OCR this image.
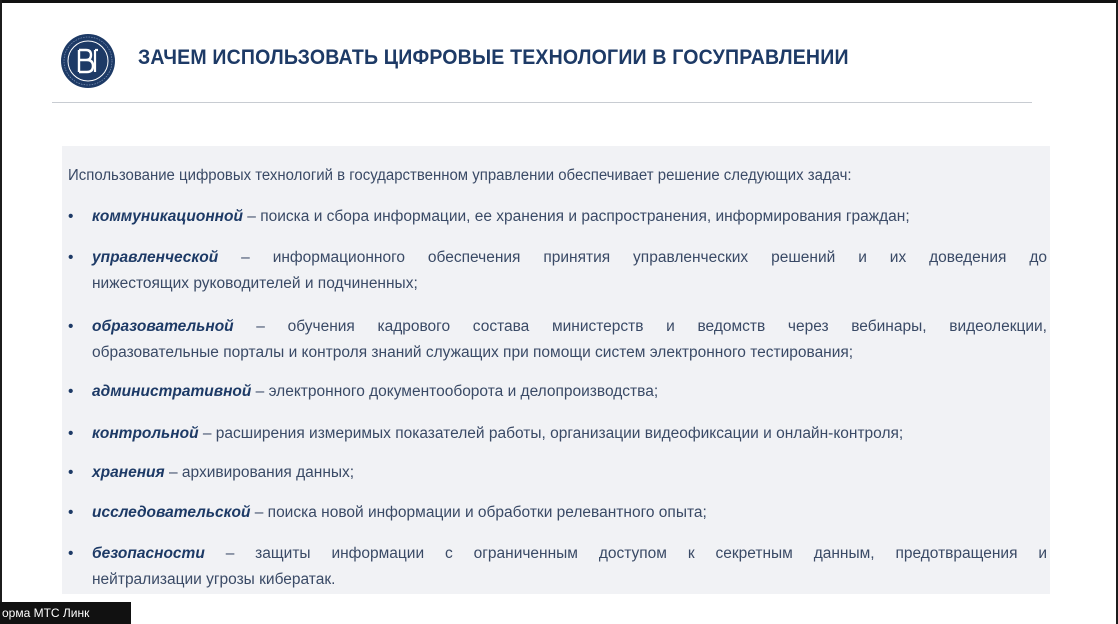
ЗАЧЕМ ИСПОЛЬЗОВАТЬ ЦИФРОВЫЕ ТЕХНОЛОГИИ В ГОСУПРАВЛЕНИИ
Использование цифровых технологий в государственном управлении обеспечивает решение следующих задач:
• коммуникационной – поиска и сбора информации, ее хранения и распространения, информирования граждан;
• управленческой – информационного обеспечения принятия управленческих решений и их доведения до
нижестоящих руководителей и подчиненных;
• образовательной – обучения кадрового состава министерств и ведомств через вебинары, видеолекции,
образовательные порталы и контроля знаний служащих при помощи систем электронного тестирования;
• административной – электронного документооборота и делопроизводства;
• контрольной – расширения измеримых показателей работы, организации видеофиксации и онлайн-контроля;
• хранения – архивирования данных;
• исследовательской – поиска новой информации и обработки релевантного опыта;
• безопасности – защиты информации с ограниченным доступом к секретным данным, предотвращения и
нейтрализации угрозы кибератак.
орма МТС Линк
